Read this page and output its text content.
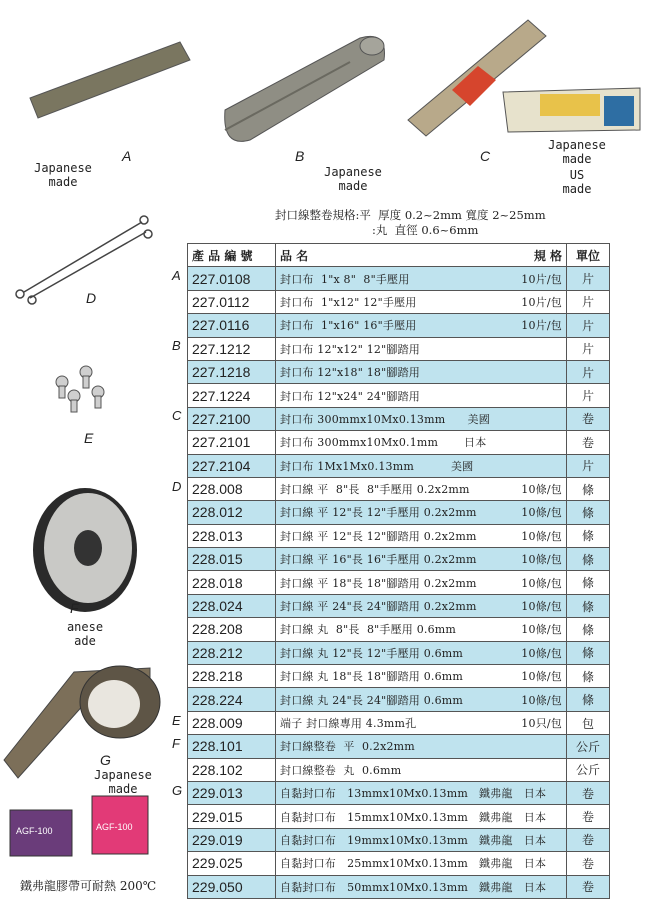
A
Japanese
made
B
Japanese
made
C
Japanese
made
US
made
D
E
F
anese
ade
G
Japanese
made
AGF-100	AGF-100
鐵弗龍膠帶可耐熱 200℃
封口線整卷規格:平  厚度 0.2~2mm 寬度 2~25mm
:丸  直徑 0.6~6mm
A
B
C
D
E
F
G
產 品 編 號	品 名 規 格	單位
227.0108	封口布  1"x 8"  8"手壓用 10片/包	片
227.0112	封口布  1"x12" 12"手壓用 10片/包	片
227.0116	封口布  1"x16" 16"手壓用 10片/包	片
227.1212	封口布 12"x12" 12"腳踏用	片
227.1218	封口布 12"x18" 18"腳踏用	片
227.1224	封口布 12"x24" 24"腳踏用	片
227.2100	封口布 300mmx10Mx0.13mm      美國	卷
227.2101	封口布 300mmx10Mx0.1mm       日本	卷
227.2104	封口布 1Mx1Mx0.13mm          美國	片
228.008	封口線 平  8"長  8"手壓用 0.2x2mm 10條/包	條
228.012	封口線 平 12"長 12"手壓用 0.2x2mm 10條/包	條
228.013	封口線 平 12"長 12"腳踏用 0.2x2mm 10條/包	條
228.015	封口線 平 16"長 16"手壓用 0.2x2mm 10條/包	條
228.018	封口線 平 18"長 18"腳踏用 0.2x2mm 10條/包	條
228.024	封口線 平 24"長 24"腳踏用 0.2x2mm 10條/包	條
228.208	封口線 丸  8"長  8"手壓用 0.6mm 10條/包	條
228.212	封口線 丸 12"長 12"手壓用 0.6mm 10條/包	條
228.218	封口線 丸 18"長 18"腳踏用 0.6mm 10條/包	條
228.224	封口線 丸 24"長 24"腳踏用 0.6mm 10條/包	條
228.009	端子 封口線專用 4.3mm孔 10只/包	包
228.101	封口線整卷  平  0.2x2mm	公斤
228.102	封口線整卷  丸  0.6mm	公斤
229.013	自黏封口布   13mmx10Mx0.13mm   鐵弗龍   日本	卷
229.015	自黏封口布   15mmx10Mx0.13mm   鐵弗龍   日本	卷
229.019	自黏封口布   19mmx10Mx0.13mm   鐵弗龍   日本	卷
229.025	自黏封口布   25mmx10Mx0.13mm   鐵弗龍   日本	卷
229.050	自黏封口布   50mmx10Mx0.13mm   鐵弗龍   日本	卷
